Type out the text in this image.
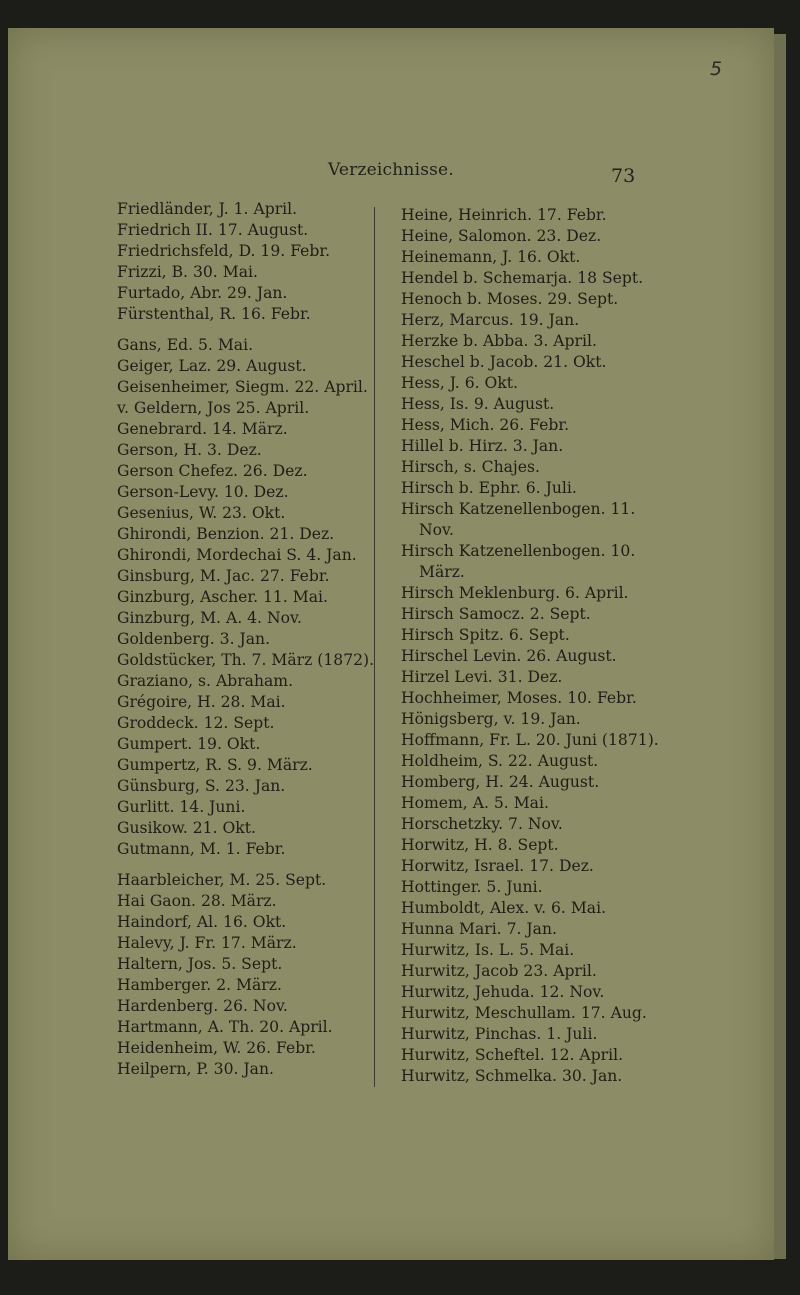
5
Verzeichnisse.	73
Friedländer, J. 1. April.
Friedrich II. 17. August.
Friedrichsfeld, D. 19. Febr.
Frizzi, B. 30. Mai.
Furtado, Abr. 29. Jan.
Fürstenthal, R. 16. Febr.
Gans, Ed. 5. Mai.
Geiger, Laz. 29. August.
Geisenheimer, Siegm. 22. April.
v. Geldern, Jos 25. April.
Genebrard. 14. März.
Gerson, H. 3. Dez.
Gerson Chefez. 26. Dez.
Gerson-Levy. 10. Dez.
Gesenius, W. 23. Okt.
Ghirondi, Benzion. 21. Dez.
Ghirondi, Mordechai S. 4. Jan.
Ginsburg, M. Jac. 27. Febr.
Ginzburg, Ascher. 11. Mai.
Ginzburg, M. A. 4. Nov.
Goldenberg. 3. Jan.
Goldstücker, Th. 7. März (1872).
Graziano, s. Abraham.
Grégoire, H. 28. Mai.
Groddeck. 12. Sept.
Gumpert. 19. Okt.
Gumpertz, R. S. 9. März.
Günsburg, S. 23. Jan.
Gurlitt. 14. Juni.
Gusikow. 21. Okt.
Gutmann, M. 1. Febr.
Haarbleicher, M. 25. Sept.
Hai Gaon. 28. März.
Haindorf, Al. 16. Okt.
Halevy, J. Fr. 17. März.
Haltern, Jos. 5. Sept.
Hamberger. 2. März.
Hardenberg. 26. Nov.
Hartmann, A. Th. 20. April.
Heidenheim, W. 26. Febr.
Heilpern, P. 30. Jan.
Heine, Heinrich. 17. Febr.
Heine, Salomon. 23. Dez.
Heinemann, J. 16. Okt.
Hendel b. Schemarja. 18 Sept.
Henoch b. Moses. 29. Sept.
Herz, Marcus. 19. Jan.
Herzke b. Abba. 3. April.
Heschel b. Jacob. 21. Okt.
Hess, J. 6. Okt.
Hess, Is. 9. August.
Hess, Mich. 26. Febr.
Hillel b. Hirz. 3. Jan.
Hirsch, s. Chajes.
Hirsch b. Ephr. 6. Juli.
Hirsch Katzenellenbogen. 11.
Nov.
Hirsch Katzenellenbogen. 10.
März.
Hirsch Meklenburg. 6. April.
Hirsch Samocz. 2. Sept.
Hirsch Spitz. 6. Sept.
Hirschel Levin. 26. August.
Hirzel Levi. 31. Dez.
Hochheimer, Moses. 10. Febr.
Hönigsberg, v. 19. Jan.
Hoffmann, Fr. L. 20. Juni (1871).
Holdheim, S. 22. August.
Homberg, H. 24. August.
Homem, A. 5. Mai.
Horschetzky. 7. Nov.
Horwitz, H. 8. Sept.
Horwitz, Israel. 17. Dez.
Hottinger. 5. Juni.
Humboldt, Alex. v. 6. Mai.
Hunna Mari. 7. Jan.
Hurwitz, Is. L. 5. Mai.
Hurwitz, Jacob 23. April.
Hurwitz, Jehuda. 12. Nov.
Hurwitz, Meschullam. 17. Aug.
Hurwitz, Pinchas. 1. Juli.
Hurwitz, Scheftel. 12. April.
Hurwitz, Schmelka. 30. Jan.
